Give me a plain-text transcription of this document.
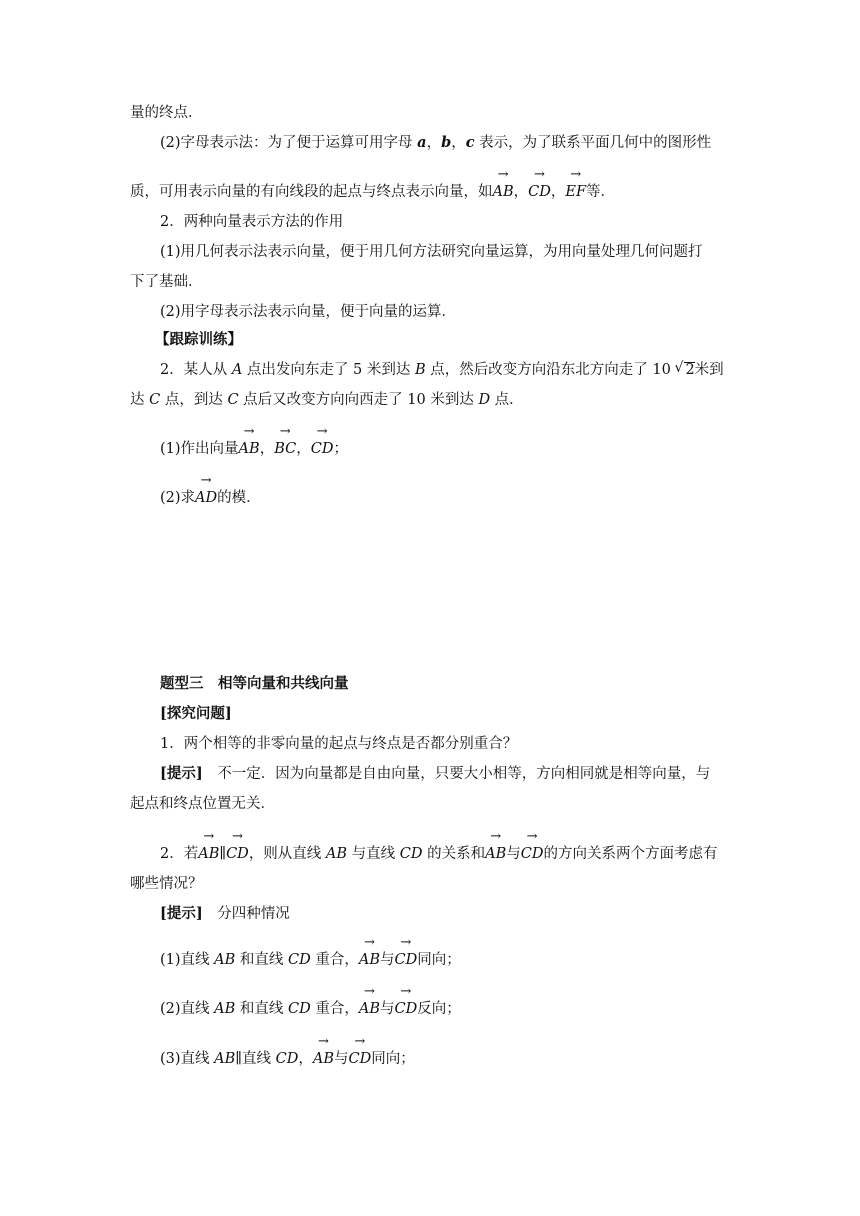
量的终点．
(2)字母表示法：为了便于运算可用字母 a，b，c 表示，为了联系平面几何中的图形性
质，可用表示向量的有向线段的起点与终点表示向量，如→ AB，→ CD，→ EF等．
2．两种向量表示方法的作用
(1)用几何表示法表示向量，便于用几何方法研究向量运算，为用向量处理几何问题打
下了基础．
(2)用字母表示法表示向量，便于向量的运算．
【跟踪训练】
2．某人从 A 点出发向东走了 5 米到达 B 点，然后改变方向沿东北方向走了 10 √ 2米到
达 C 点，到达 C 点后又改变方向向西走了 10 米到达 D 点．
(1)作出向量→ AB，→ BC，→ CD；
(2)求→ AD的模．
题型三　相等向量和共线向量
[探究问题]
1．两个相等的非零向量的起点与终点是否都分别重合？
[提示]　不一定．因为向量都是自由向量，只要大小相等，方向相同就是相等向量，与
起点和终点位置无关．
2．若→ AB∥→ CD，则从直线 AB 与直线 CD 的关系和→ AB与→ CD的方向关系两个方面考虑有
哪些情况？
[提示]　分四种情况
(1)直线 AB 和直线 CD 重合，→ AB与→ CD同向；
(2)直线 AB 和直线 CD 重合，→ AB与→ CD反向；
(3)直线 AB∥直线 CD，→ AB与→ CD同向；
